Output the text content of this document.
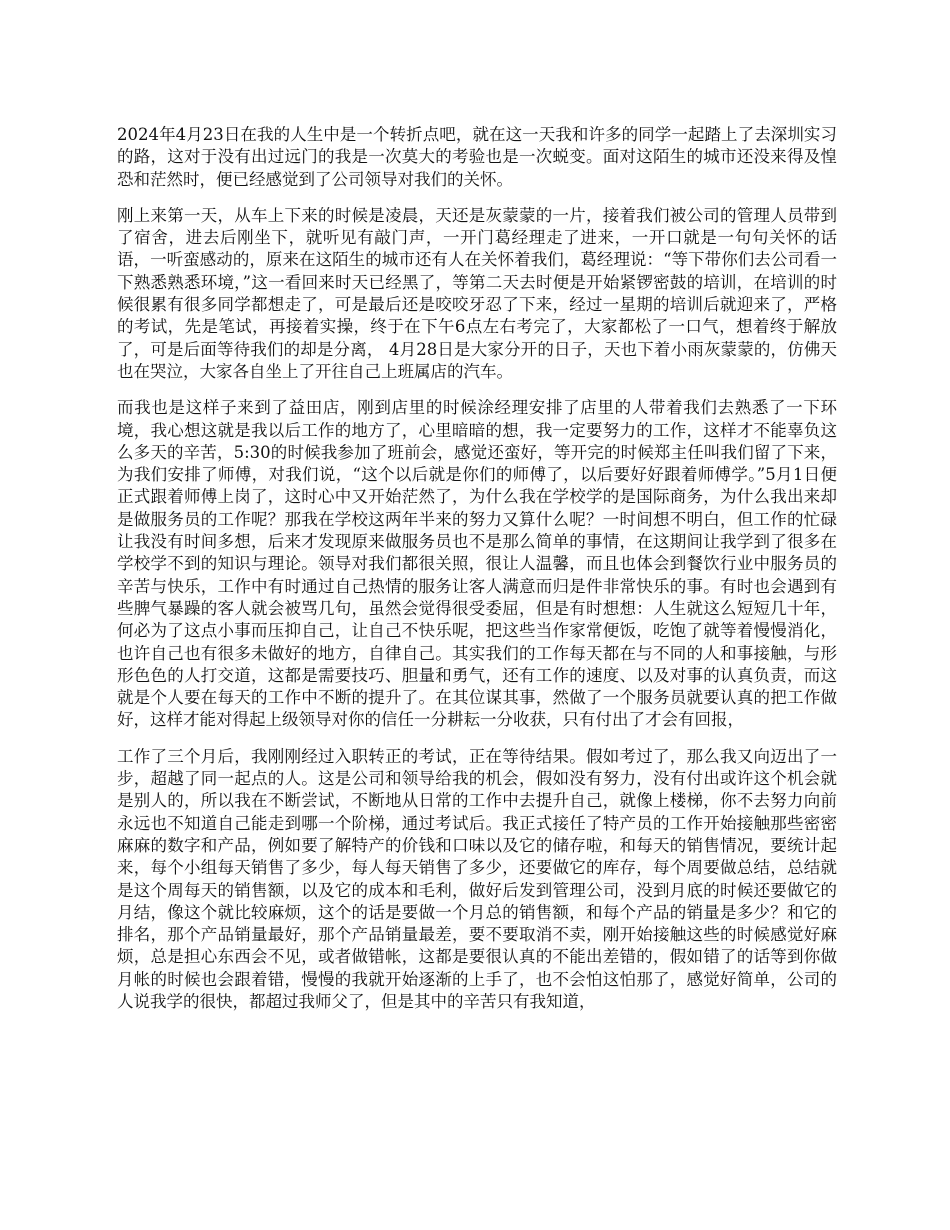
2024年4月23日在我的人生中是一个转折点吧，就在这一天我和许多的同学一起踏上了去深圳实习的路，这对于没有出过远门的我是一次莫大的考验也是一次蜕变。面对这陌生的城市还没来得及惶恐和茫然时，便已经感觉到了公司领导对我们的关怀。

刚上来第一天，从车上下来的时候是凌晨，天还是灰蒙蒙的一片，接着我们被公司的管理人员带到了宿舍，进去后刚坐下，就听见有敲门声，一开门葛经理走了进来，一开口就是一句句关怀的话语，一听蛮感动的，原来在这陌生的城市还有人在关怀着我们，葛经理说：“等下带你们去公司看一下熟悉熟悉环境，”这一看回来时天已经黑了，等第二天去时便是开始紧锣密鼓的培训，在培训的时候很累有很多同学都想走了，可是最后还是咬咬牙忍了下来，经过一星期的培训后就迎来了，严格的考试，先是笔试，再接着实操，终于在下午6点左右考完了，大家都松了一口气，想着终于解放了，可是后面等待我们的却是分离， 4月28日是大家分开的日子，天也下着小雨灰蒙蒙的，仿佛天也在哭泣，大家各自坐上了开往自己上班属店的汽车。

而我也是这样子来到了益田店，刚到店里的时候涂经理安排了店里的人带着我们去熟悉了一下环境，我心想这就是我以后工作的地方了，心里暗暗的想，我一定要努力的工作，这样才不能辜负这么多天的辛苦，5:30的时候我参加了班前会，感觉还蛮好，等开完的时候郑主任叫我们留了下来，为我们安排了师傅，对我们说，“这个以后就是你们的师傅了，以后要好好跟着师傅学。”5月1日便正式跟着师傅上岗了，这时心中又开始茫然了，为什么我在学校学的是国际商务，为什么我出来却是做服务员的工作呢？那我在学校这两年半来的努力又算什么呢？一时间想不明白，但工作的忙碌让我没有时间多想，后来才发现原来做服务员也不是那么简单的事情，在这期间让我学到了很多在学校学不到的知识与理论。领导对我们都很关照，很让人温馨，而且也体会到餐饮行业中服务员的辛苦与快乐，工作中有时通过自己热情的服务让客人满意而归是件非常快乐的事。有时也会遇到有些脾气暴躁的客人就会被骂几句，虽然会觉得很受委屈，但是有时想想：人生就这么短短几十年，何必为了这点小事而压抑自己，让自己不快乐呢，把这些当作家常便饭，吃饱了就等着慢慢消化，也许自己也有很多未做好的地方，自律自己。其实我们的工作每天都在与不同的人和事接触，与形形色色的人打交道，这都是需要技巧、胆量和勇气，还有工作的速度、以及对事的认真负责，而这就是个人要在每天的工作中不断的提升了。在其位谋其事，然做了一个服务员就要认真的把工作做好，这样才能对得起上级领导对你的信任一分耕耘一分收获，只有付出了才会有回报，

工作了三个月后，我刚刚经过入职转正的考试，正在等待结果。假如考过了，那么我又向迈出了一步，超越了同一起点的人。这是公司和领导给我的机会，假如没有努力，没有付出或许这个机会就是别人的，所以我在不断尝试，不断地从日常的工作中去提升自己，就像上楼梯，你不去努力向前永远也不知道自己能走到哪一个阶梯，通过考试后。我正式接任了特产员的工作开始接触那些密密麻麻的数字和产品，例如要了解特产的价钱和口味以及它的储存啦，和每天的销售情况，要统计起来，每个小组每天销售了多少，每人每天销售了多少，还要做它的库存，每个周要做总结，总结就是这个周每天的销售额，以及它的成本和毛利，做好后发到管理公司，没到月底的时候还要做它的月结，像这个就比较麻烦，这个的话是要做一个月总的销售额，和每个产品的销量是多少？和它的排名，那个产品销量最好，那个产品销量最差，要不要取消不卖，刚开始接触这些的时候感觉好麻烦，总是担心东西会不见，或者做错帐，这都是要很认真的不能出差错的，假如错了的话等到你做月帐的时候也会跟着错，慢慢的我就开始逐渐的上手了，也不会怕这怕那了，感觉好简单，公司的人说我学的很快，都超过我师父了，但是其中的辛苦只有我知道，
